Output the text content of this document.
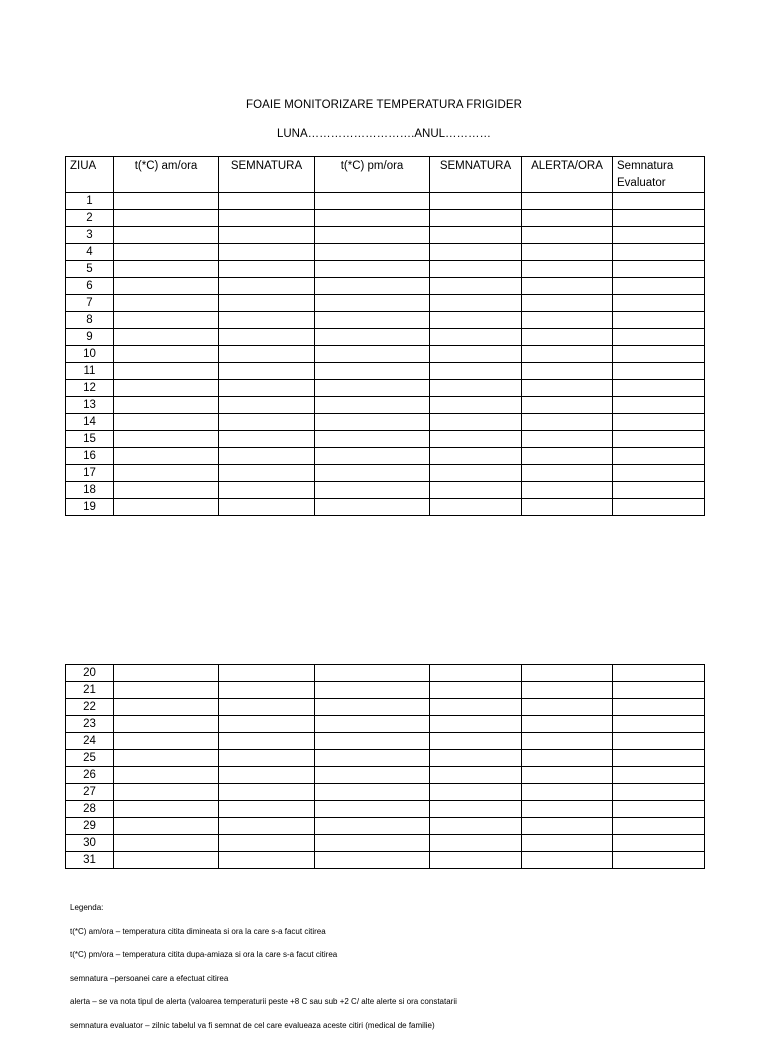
FOAIE MONITORIZARE TEMPERATURA FRIGIDER
LUNA……………………….ANUL…………
ZIUA	t(*C) am/ora	SEMNATURA	t(*C) pm/ora	SEMNATURA	ALERTA/ORA	Semnatura Evaluator
1						
2						
3						
4						
5						
6						
7						
8						
9						
10						
11						
12						
13						
14						
15						
16						
17						
18						
19						
20						
21						
22						
23						
24						
25						
26						
27						
28						
29						
30						
31						
Legenda:
t(*C) am/ora – temperatura citita dimineata si ora la care s-a facut citirea
t(*C) pm/ora – temperatura citita dupa-amiaza si ora la care s-a facut citirea
semnatura –persoanei care a efectuat citirea
alerta – se va nota tipul de alerta (valoarea temperaturii peste +8 C sau sub +2 C/ alte alerte si ora constatarii
semnatura evaluator – zilnic tabelul va fi semnat de cel care evalueaza aceste citiri (medical de familie)
